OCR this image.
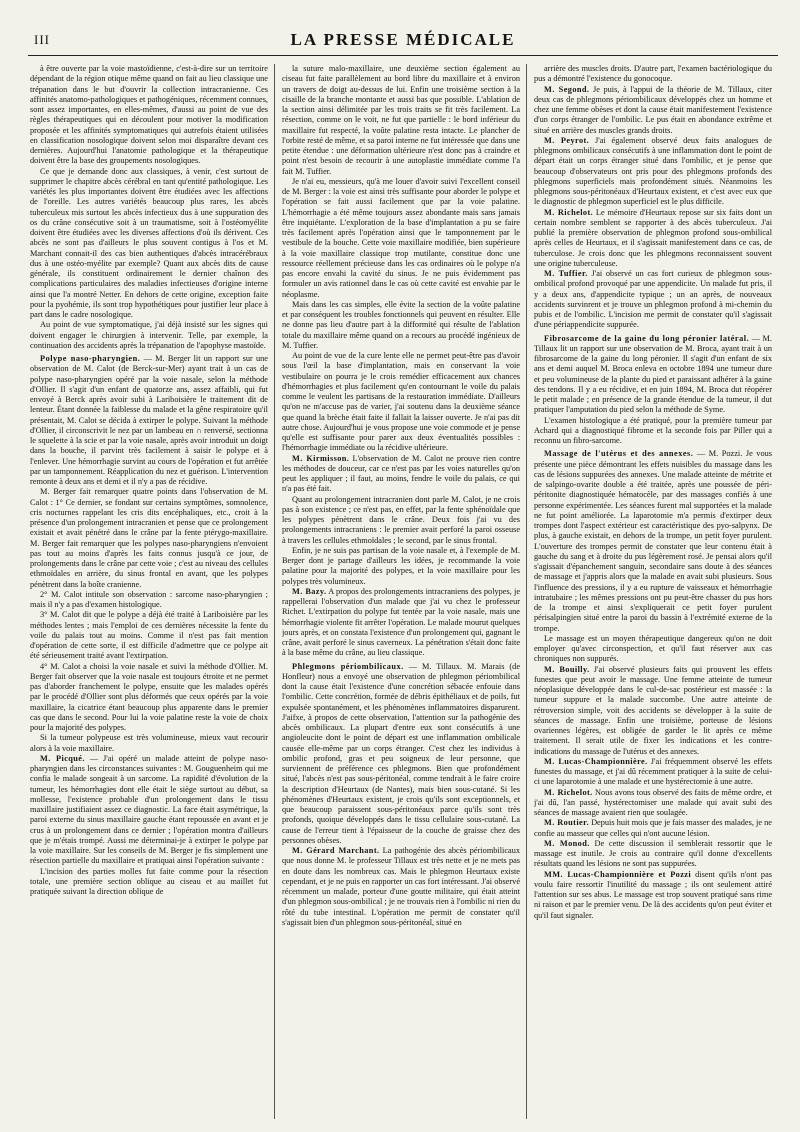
III	LA PRESSE MÉDICALE

à être ouverte par la voie mastoïdienne, c'est-à-dire sur un territoire dépendant de la région otique même quand on fait au lieu classique une trépanation dans le but d'ouvrir la collection intracranienne. Ces affinités anatomo-pathologiques et pathogéniques, récemment connues, sont assez importantes, en elles-mêmes, d'aussi au point de vue des règles thérapeutiques qui en découlent pour motiver la modification proposée et les affinités symptomatiques qui autrefois étaient utilisées en classification nosologique doivent selon moi disparaître devant ces dernières. Aujourd'hui l'anatomie pathologique et la thérapeutique doivent être la base des groupements nosologiques.

Ce que je demande donc aux classiques, à venir, c'est surtout de supprimer le chapitre abcès cérébral en tant qu'entité pathologique. Les variétés les plus importantes doivent être étudiées avec les affections de l'oreille. Les autres variétés beaucoup plus rares, les abcès tuberculeux mis surtout les abcès infectieux dus à une suppuration des os du crâne consécutive soit à un traumatisme, soit à l'ostéomyélite doivent être étudiées avec les diverses affections d'où ils dérivent. Ces abcès ne sont pas d'ailleurs le plus souvent contigus à l'os et M. Marchant connait-il des cas bien authentiques d'abcès intracérébraux dus à une ostéo-myélite par exemple? Quant aux abcès dits de cause générale, ils constituent ordinairement le dernier chaînon des complications particulaires des maladies infectieuses d'origine interne ainsi que l'a montré Netter. En dehors de cette origine, exception faite pour la pyohémie, ils sont trop hypothétiques pour justifier leur place à part dans le cadre nosologique.

Au point de vue symptomatique, j'ai déjà insisté sur les signes qui doivent engager le chirurgien à intervenir. Telle, par exemple, la continuation des accidents après la trépanation de l'apophyse mastoïde.

Polype naso-pharyngien. — M. Berger lit un rapport sur une observation de M. Calot (de Berck-sur-Mer) ayant trait à un cas de polype naso-pharyngien opéré par la voie nasale, selon la méthode d'Ollier. Il s'agit d'un enfant de quatorze ans, assez affaibli, qui fut envoyé à Berck après avoir subi à Lariboisière le traitement dit de lenteur. Étant donnée la faiblesse du malade et la gêne respiratoire qu'il présentait, M. Calot se décida à extirper le polype. Suivant la méthode d'Ollier, il circonscrivit le nez par un lambeau en ∩ renversé, sectionna le squelette à la scie et par la voie nasale, après avoir introduit un doigt dans la bouche, il parvint très facilement à saisir le polype et à l'enlever. Une hémorrhagie survint au cours de l'opération et fut arrêtée par un tamponnement. Réapplication du nez et guérison. L'intervention remonte à deux ans et demi et il n'y a pas de récidive.

M. Berger fait remarquer quatre points dans l'observation de M. Calot : 1° Ce dernier, se fondant sur certains symptômes, somnolence, cris nocturnes rappelant les cris dits encéphaliques, etc., croit à la présence d'un prolongement intracranien et pense que ce prolongement existait et avait pénétré dans le crâne par la fente ptérygo-maxillaire. M. Berger fait remarquer que les polypes naso-pharyngiens n'envoient pas tout au moins d'après les faits connus jusqu'à ce jour, de prolongements dans le crâne par cette voie ; c'est au niveau des cellules ethmoïdales en arrière, du sinus frontal en avant, que les polypes pénètrent dans la boîte cranienne.

2° M. Calot intitule son observation : sarcome naso-pharyngien ; mais il n'y a pas d'examen histologique.

3° M. Calot dit que le polype a déjà été traité à Lariboisière par les méthodes lentes ; mais l'emploi de ces dernières nécessite la fente du voile du palais tout au moins. Comme il n'est pas fait mention d'opération de cette sorte, il est difficile d'admettre que ce polype ait été sérieusement traité avant l'extirpation.

4° M. Calot a choisi la voie nasale et suivi la méthode d'Ollier. M. Berger fait observer que la voie nasale est toujours étroite et ne permet pas d'aborder franchement le polype, ensuite que les malades opérés par le procédé d'Ollier sont plus déformés que ceux opérés par la voie maxillaire, la cicatrice étant beaucoup plus apparente dans le premier cas que dans le second. Pour lui la voie palatine reste la voie de choix pour la majorité des polypes.

Si la tumeur polypeuse est très volumineuse, mieux vaut recourir alors à la voie maxillaire.

M. Picqué. — J'ai opéré un malade atteint de polype naso-pharyngien dans les circonstances suivantes : M. Gouguenheim qui me confia le malade songeait à un sarcome. La rapidité d'évolution de la tumeur, les hémorrhagies dont elle était le siège surtout au début, sa mollesse, l'existence probable d'un prolongement dans le tissu maxillaire justifiaient assez ce diagnostic. La face était asymétrique, la paroi externe du sinus maxillaire gauche étant repoussée en avant et je crus à un prolongement dans ce dernier ; l'opération montra d'ailleurs que je m'étais trompé. Aussi me déterminai-je à extirper le polype par la voie maxillaire. Sur les conseils de M. Berger je fis simplement une résection partielle du maxillaire et pratiquai ainsi l'opération suivante :

L'incision des parties molles fut faite comme pour la résection totale, une première section oblique au ciseau et au maillet fut pratiquée suivant la direction oblique de

la suture malo-maxillaire, une deuxième section également au ciseau fut faite parallèlement au bord libre du maxillaire et à environ un travers de doigt au-dessus de lui. Enfin une troisième section à la cisaille de la branche montante et aussi bas que possible. L'ablation de la section ainsi délimitée par les trois traits se fit très facilement. La résection, comme on le voit, ne fut que partielle : le bord inférieur du maxillaire fut respecté, la voûte palatine resta intacte. Le plancher de l'orbite resté de même, et sa paroi interne ne fut intéressée que dans une petite étendue : une déformation ultérieure n'est donc pas à craindre et point n'est besoin de recourir à une autoplastie immédiate comme l'a fait M. Tuffier.

Je n'ai eu, messieurs, qu'à me louer d'avoir suivi l'excellent conseil de M. Berger : la voie est ainsi très suffisante pour aborder le polype et l'opération se fait aussi facilement que par la voie palatine. L'hémorrhagie a été même toujours assez abondante mais sans jamais être inquiétante. L'exploration de la base d'implantation a pu se faire très facilement après l'opération ainsi que le tamponnement par le vestibule de la bouche. Cette voie maxillaire modifiée, bien supérieure à la voie maxillaire classique trop mutilante, constitue donc une ressource réellement précieuse dans les cas ordinaires où le polype n'a pas encore envahi la cavité du sinus. Je ne puis évidemment pas formuler un avis rationnel dans le cas où cette cavité est envahie par le néoplasme.

Mais dans les cas simples, elle évite la section de la voûte palatine et par conséquent les troubles fonctionnels qui peuvent en résulter. Elle ne donne pas lieu d'autre part à la difformité qui résulte de l'ablation totale du maxillaire même quand on a recours au procédé ingénieux de M. Tuffier.

Au point de vue de la cure lente elle ne permet peut-être pas d'avoir sous l'œil la base d'implantation, mais en conservant la voie vestibulaire on pourra je le crois remédier efficacement aux chances d'hémorrhagies et plus facilement qu'en contournant le voile du palais comme le veulent les partisans de la restauration immédiate. D'ailleurs qu'on ne m'accuse pas de varier, j'ai soutenu dans la deuxième séance que quand la brèche était faite il fallait la laisser ouverte. Je n'ai pas dit autre chose. Aujourd'hui je vous propose une voie commode et je pense qu'elle est suffisante pour parer aux deux éventualités possibles : l'hémorrhagie immédiate ou la récidive ultérieure.

M. Kirmisson. L'observation de M. Calot ne prouve rien contre les méthodes de douceur, car ce n'est pas par les voies naturelles qu'on peut les appliquer ; il faut, au moins, fendre le voile du palais, ce qui n'a pas été fait.

Quant au prolongement intracranien dont parle M. Calot, je ne crois pas à son existence ; ce n'est pas, en effet, par la fente sphénoïdale que les polypes pénètrent dans le crâne. Deux fois j'ai vu des prolongements intracraniens : le premier avait perforé la paroi osseuse à travers les cellules ethmoïdales ; le second, par le sinus frontal.

Enfin, je ne suis pas partisan de la voie nasale et, à l'exemple de M. Berger dont je partage d'ailleurs les idées, je recommande la voie palatine pour la majorité des polypes, et la voie maxillaire pour les polypes très volumineux.

M. Bazy. A propos des prolongements intracraniens des polypes, je rappellerai l'observation d'un malade que j'ai vu chez le professeur Richet. L'extirpation du polype fut tentée par la voie nasale, mais une hémorrhagie violente fit arrêter l'opération. Le malade mourut quelques jours après, et on constata l'existence d'un prolongement qui, gagnant le crâne, avait perforé le sinus caverneux. La pénétration s'était donc faite à la base même du crâne, au lieu classique.

Phlegmons périombilicaux. — M. Tillaux. M. Marais (de Honfleur) nous a envoyé une observation de phlegmon périombilical dont la cause était l'existence d'une concrétion sébacée enfouie dans l'ombilic. Cette concrétion, formée de débris épithéliaux et de poils, fut expulsée spontanément, et les phénomènes inflammatoires disparurent. J'aifxe, à propos de cette observation, l'attention sur la pathogénie des abcès ombilicaux. La plupart d'entre eux sont consécutifs à une angioleucite dont le point de départ est une inflammation ombilicale causée elle-même par un corps étranger. C'est chez les individus à ombilic profond, gras et peu soigneux de leur personne, que surviennent de préférence ces phlegmons. Bien que profondément situé, l'abcès n'est pas sous-péritonéal, comme tendrait à le faire croire la description d'Heurtaux (de Nantes), mais bien sous-cutané. Si les phénomènes d'Heurtaux existent, je crois qu'ils sont exceptionnels, et que beaucoup paraissent sous-péritonéaux parce qu'ils sont très profonds, quoique développés dans le tissu cellulaire sous-cutané. La cause de l'erreur tient à l'épaisseur de la couche de graisse chez des personnes obèses.

M. Gérard Marchant. La pathogénie des abcès périombilicaux que nous donne M. le professeur Tillaux est très nette et je ne mets pas en doute dans les nombreux cas. Mais le phlegmon Heurtaux existe cependant, et je ne puis en rapporter un cas fort intéressant. J'ai observé récemment un malade, porteur d'une goutte militaire, qui était atteint d'un phlegmon sous-ombilical ; je ne trouvais rien à l'ombilic ni rien du rôté du tube intestinal. L'opération me permit de constater qu'il s'agissait bien d'un phlegmon sous-péritonéal, situé en

arrière des muscles droits. D'autre part, l'examen bactériologique du pus a démontré l'existence du gonocoque.

M. Segond. Je puis, à l'appui de la théorie de M. Tillaux, citer deux cas de phlegmons périombilicaux développés chez un homme et chez une femme obèses et dont la cause était manifestement l'existence d'un corps étranger de l'ombilic. Le pus était en abondance extrême et situé en arrière des muscles grands droits.

M. Peyrot. J'ai également observé deux faits analogues de phlegmons ombilicaux consécutifs à une inflammation dont le point de départ était un corps étranger situé dans l'ombilic, et je pense que beaucoup d'observateurs ont pris pour des phlegmons profonds des phlegmons superficiels mais profondément situés. Néanmoins les phlegmons sous-péritonéaux d'Heurtaux existent, et c'est avec eux que le diagnostic de phlegmon superficiel est le plus difficile.

M. Richelot. Le mémoire d'Heurtaux repose sur six faits dont un certain nombre semblent se rapporter à des abcès tuberculeux. J'ai publié la première observation de phlegmon profond sous-ombilical après celles de Heurtaux, et il s'agissait manifestement dans ce cas, de tuberculose. Je crois donc que les phlegmons reconnaissent souvent une origine tuberculeuse.

M. Tuffier. J'ai observé un cas fort curieux de phlegmon sous-ombilical profond provoqué par une appendicite. Un malade fut pris, il y a deux ans, d'appendicite typique ; un an après, de nouveaux accidents survinrent et je trouve un phlegmon profond à mi-chemin du pubis et de l'ombilic. L'incision me permit de constater qu'il s'agissait d'une périappendicite suppurée.

Fibrosarcome de la gaine du long péronier latéral. — M. Tillaux lit un rapport sur une observation de M. Broca, ayant trait à un fibrosarcome de la gaine du long péronier. Il s'agit d'un enfant de six ans et demi auquel M. Broca enleva en octobre 1894 une tumeur dure et peu volumineuse de la plante du pied et paraissant adhérer à la gaine des tendons. Il y a eu récidive, et en juin 1894, M. Broca dut réopérer le petit malade ; en présence de la grande étendue de la tumeur, il dut pratiquer l'amputation du pied selon la méthode de Syme.

L'examen histologique a été pratiqué, pour la première tumeur par Achard qui a diagnostiqué fibrome et la seconde fois par Piller qui a reconnu un fibro-sarcome.

Massage de l'utérus et des annexes. — M. Pozzi. Je vous présente une pièce démontrant les effets nuisibles du massage dans les cas de lésions suppurées des annexes. Une malade atteinte de métrite et de salpingo-ovarite double a été traitée, après une poussée de péri-péritonite diagnostiquée hématocèle, par des massages confiés à une personne expérimentée. Les séances furent mal supportées et la malade ne fut point améliorée. La laparotomie m'a permis d'extirper deux trompes dont l'aspect extérieur est caractéristique des pyo-salpynx. De plus, à gauche existait, en dehors de la trompe, un petit foyer purulent. L'ouverture des trompes permit de constater que leur contenu était à gauche du sang et à droite du pus légèrement rosé. Je pensai alors qu'il s'agissait d'épanchement sanguin, secondaire sans doute à des séances de massage et j'appris alors que la malade en avait subi plusieurs. Sous l'influence des pressions, il y a eu rupture de vaisseaux et hémorrhagie intratubaire ; les mêmes pressions ont pu peut-être chasser du pus hors de la trompe et ainsi s'expliquerait ce petit foyer purulent périsalpingien situé entre la paroi du bassin à l'extrémité externe de la trompe.

Le massage est un moyen thérapeutique dangereux qu'on ne doit employer qu'avec circonspection, et qu'il faut réserver aux cas chroniques non suppurés.

M. Bouilly. J'ai observé plusieurs faits qui prouvent les effets funestes que peut avoir le massage. Une femme atteinte de tumeur néoplasique développée dans le cul-de-sac postérieur est massée : la tumeur suppure et la malade succombe. Une autre atteinte de rétroversion simple, voit des accidents se développer à la suite de séances de massage. Enfin une troisième, porteuse de lésions ovariennes légères, est obligée de garder le lit après ce même traitement. Il serait utile de fixer les indications et les contre-indications du massage de l'utérus et des annexes.

M. Lucas-Championnière. J'ai fréquemment observé les effets funestes du massage, et j'ai dû récemment pratiquer à la suite de celui-ci une laparotomie à une malade et une hystérectomie à une autre.

M. Richelot. Nous avons tous observé des faits de même ordre, et j'ai dû, l'an passé, hystérectomiser une malade qui avait subi des séances de massage avaient rien que soulagée.

M. Routier. Depuis huit mois que je fais masser des malades, je ne confie au masseur que celles qui n'ont aucune lésion.

M. Monod. De cette discussion il semblerait ressortir que le massage est inutile. Je crois au contraire qu'il donne d'excellents résultats quand les lésions ne sont pas suppurées.

MM. Lucas-Championnière et Pozzi disent qu'ils n'ont pas voulu faire ressortir l'inutilité du massage ; ils ont seulement attiré l'attention sur ses abus. Le massage est trop souvent pratiqué sans rime ni raison et par le premier venu. De là des accidents qu'on peut éviter et qu'il faut signaler.
